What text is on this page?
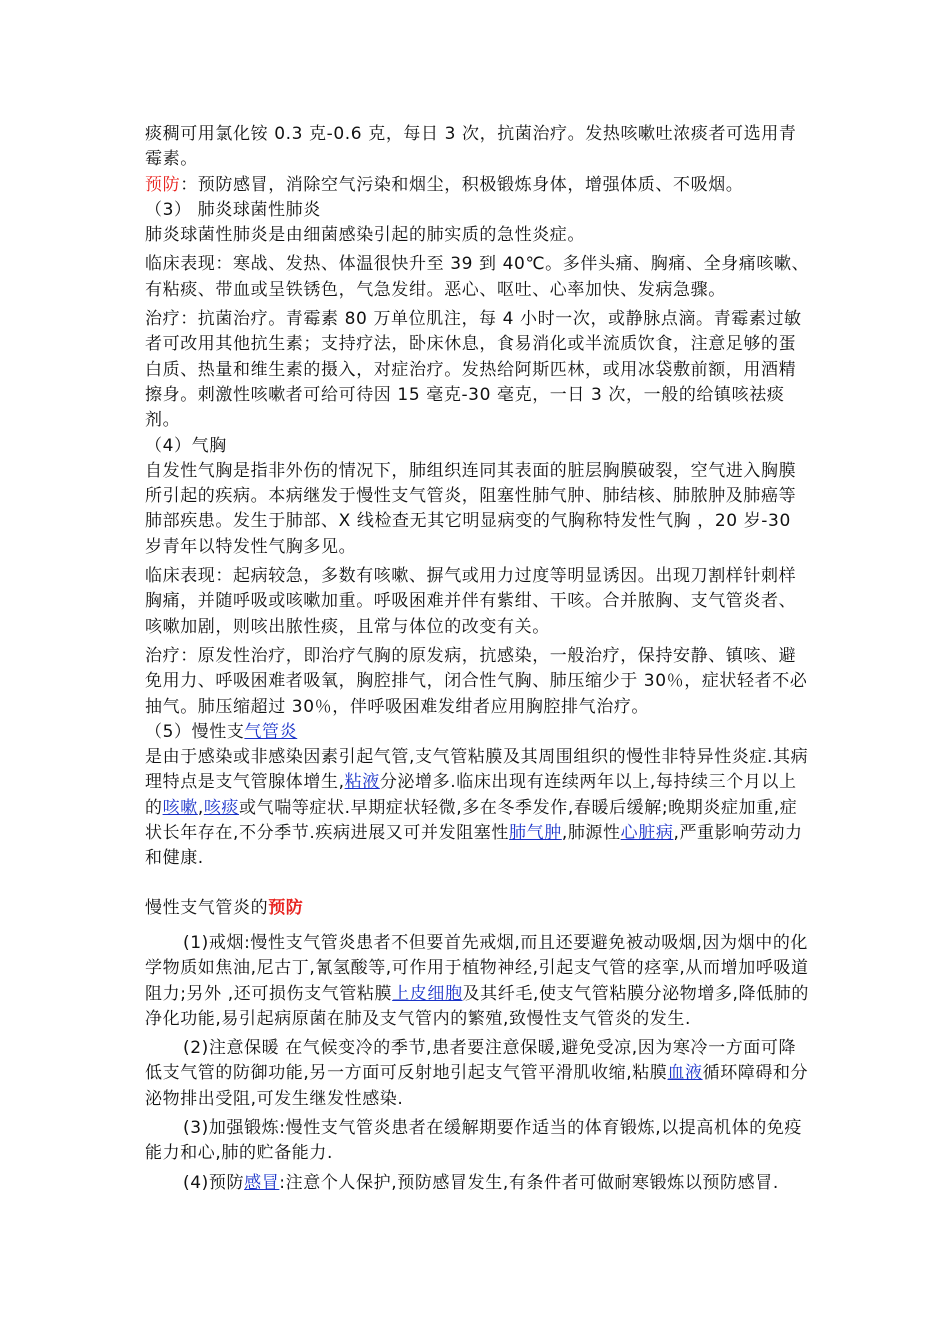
痰稠可用氯化铵 0.3 克-0.6 克，每日 3 次，抗菌治疗。发热咳嗽吐浓痰者可选用青霉素。

预防：预防感冒，消除空气污染和烟尘，积极锻炼身体，增强体质、不吸烟。

（3） 肺炎球菌性肺炎

肺炎球菌性肺炎是由细菌感染引起的肺实质的急性炎症。

临床表现：寒战、发热、体温很快升至 39 到 40℃。多伴头痛、胸痛、全身痛咳嗽、有粘痰、带血或呈铁锈色，气急发绀。恶心、呕吐、心率加快、发病急骤。

治疗：抗菌治疗。青霉素 80 万单位肌注，每 4 小时一次，或静脉点滴。青霉素过敏者可改用其他抗生素；支持疗法，卧床休息，食易消化或半流质饮食，注意足够的蛋白质、热量和维生素的摄入，对症治疗。发热给阿斯匹林，或用冰袋敷前额，用酒精擦身。刺激性咳嗽者可给可待因 15 毫克-30 毫克，一日 3 次，一般的给镇咳祛痰剂。

（4）气胸

自发性气胸是指非外伤的情况下，肺组织连同其表面的脏层胸膜破裂，空气进入胸膜所引起的疾病。本病继发于慢性支气管炎，阻塞性肺气肿、肺结核、肺脓肿及肺癌等肺部疾患。发生于肺部、X 线检查无其它明显病变的气胸称特发性气胸 ，20 岁-30 岁青年以特发性气胸多见。

临床表现：起病较急，多数有咳嗽、摒气或用力过度等明显诱因。出现刀割样针刺样胸痛，并随呼吸或咳嗽加重。呼吸困难并伴有紫绀、干咳。合并脓胸、支气管炎者、咳嗽加剧，则咳出脓性痰，且常与体位的改变有关。

治疗：原发性治疗，即治疗气胸的原发病，抗感染，一般治疗，保持安静、镇咳、避免用力、呼吸困难者吸氧，胸腔排气，闭合性气胸、肺压缩少于 30％，症状轻者不必抽气。肺压缩超过 30％，伴呼吸困难发绀者应用胸腔排气治疗。

（5）慢性支气管炎

是由于感染或非感染因素引起气管,支气管粘膜及其周围组织的慢性非特异性炎症.其病理特点是支气管腺体增生,粘液分泌增多.临床出现有连续两年以上,每持续三个月以上的咳嗽,咳痰或气喘等症状.早期症状轻微,多在冬季发作,春暖后缓解;晚期炎症加重,症状长年存在,不分季节.疾病进展又可并发阻塞性肺气肿,肺源性心脏病,严重影响劳动力和健康.

慢性支气管炎的预防

(1)戒烟:慢性支气管炎患者不但要首先戒烟,而且还要避免被动吸烟,因为烟中的化学物质如焦油,尼古丁,氰氢酸等,可作用于植物神经,引起支气管的痉挛,从而增加呼吸道阻力;另外 ,还可损伤支气管粘膜上皮细胞及其纤毛,使支气管粘膜分泌物增多,降低肺的净化功能,易引起病原菌在肺及支气管内的繁殖,致慢性支气管炎的发生.

(2)注意保暖 在气候变冷的季节,患者要注意保暖,避免受凉,因为寒冷一方面可降低支气管的防御功能,另一方面可反射地引起支气管平滑肌收缩,粘膜血液循环障碍和分泌物排出受阻,可发生继发性感染.

(3)加强锻炼:慢性支气管炎患者在缓解期要作适当的体育锻炼,以提高机体的免疫能力和心,肺的贮备能力.

(4)预防感冒:注意个人保护,预防感冒发生,有条件者可做耐寒锻炼以预防感冒.
